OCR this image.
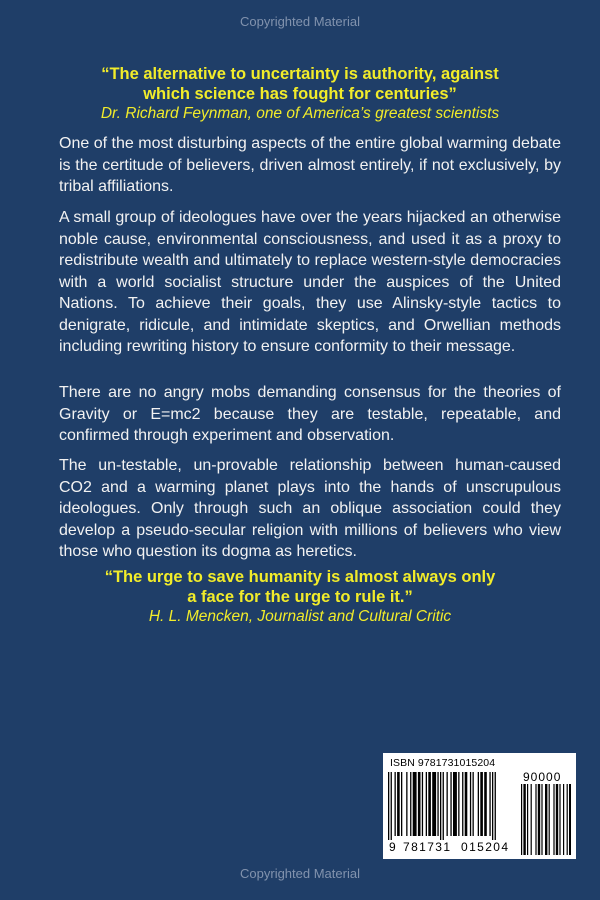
Copyrighted Material
“The alternative to uncertainty is authority, against
which science has fought for centuries”
Dr. Richard Feynman, one of America’s greatest scientists

One of the most disturbing aspects of the entire global warming debate is the certitude of believers, driven almost entirely, if not exclusively, by tribal affiliations.

A small group of ideologues have over the years hijacked an otherwise noble cause, environmental consciousness, and used it as a proxy to redistribute wealth and ultimately to replace western-style democracies with a world socialist structure under the auspices of the United Nations. To achieve their goals, they use Alinsky-style tactics to denigrate, ridicule, and intimidate skeptics, and Orwellian methods including rewriting history to ensure conformity to their message.

There are no angry mobs demanding consensus for the theories of Gravity or E=mc2 because they are testable, repeatable, and confirmed through experiment and observation.

The un-testable, un-provable relationship between human-caused CO2 and a warming planet plays into the hands of unscrupulous ideologues. Only through such an oblique association could they develop a pseudo-secular religion with millions of believers who view those who question its dogma as heretics.

“The urge to save humanity is almost always only
a face for the urge to rule it.”
H. L. Mencken, Journalist and Cultural Critic
ISBN 9781731015204
90000
9 781731 015204
Copyrighted Material
